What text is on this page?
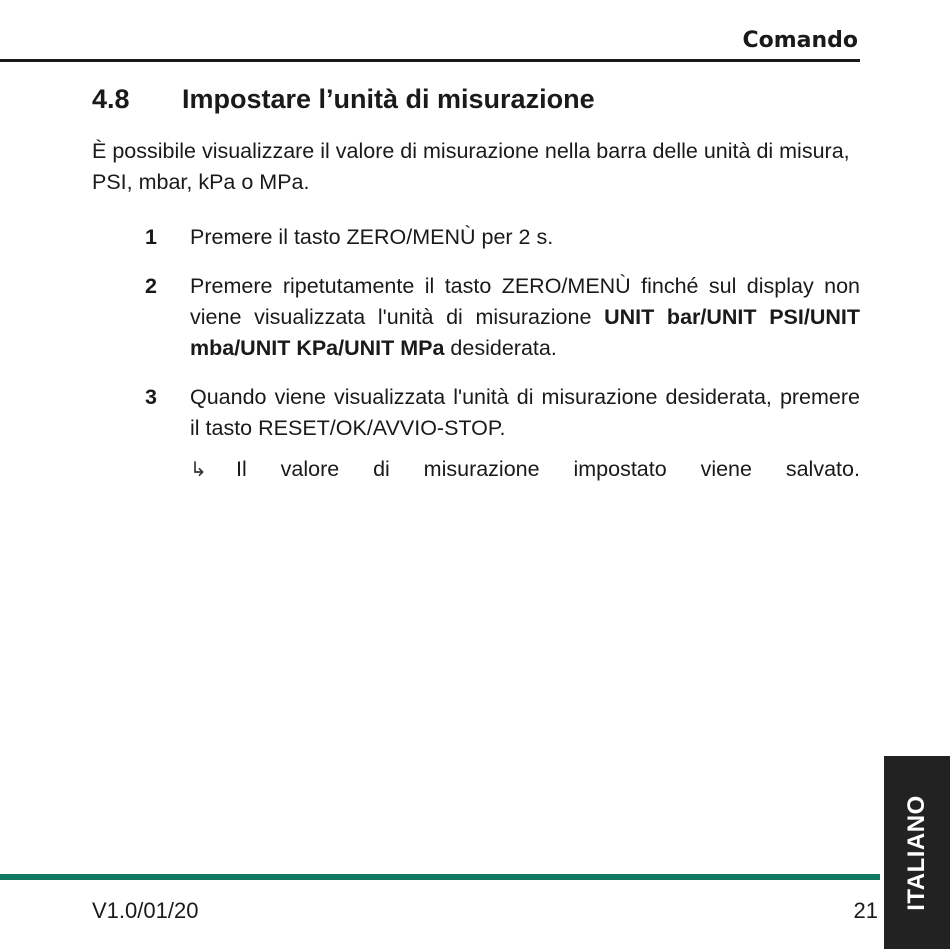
Comando
4.8 Impostare l’unità di misurazione

È possibile visualizzare il valore di misurazione nella barra delle unità di misura, PSI, mbar, kPa o MPa.

1 Premere il tasto ZERO/MENÙ per 2 s.
2 Premere ripetutamente il tasto ZERO/MENÙ finché sul display non viene visualizzata l'unità di misurazione UNIT bar/UNIT PSI/UNIT mba/UNIT KPa/UNIT MPa desiderata.
3 Quando viene visualizzata l'unità di misurazione desiderata, premere il tasto RESET/OK/AVVIO-STOP.
↳	Il valore di misurazione impostato viene salvato.
V1.0/01/20	21
ITALIANO
